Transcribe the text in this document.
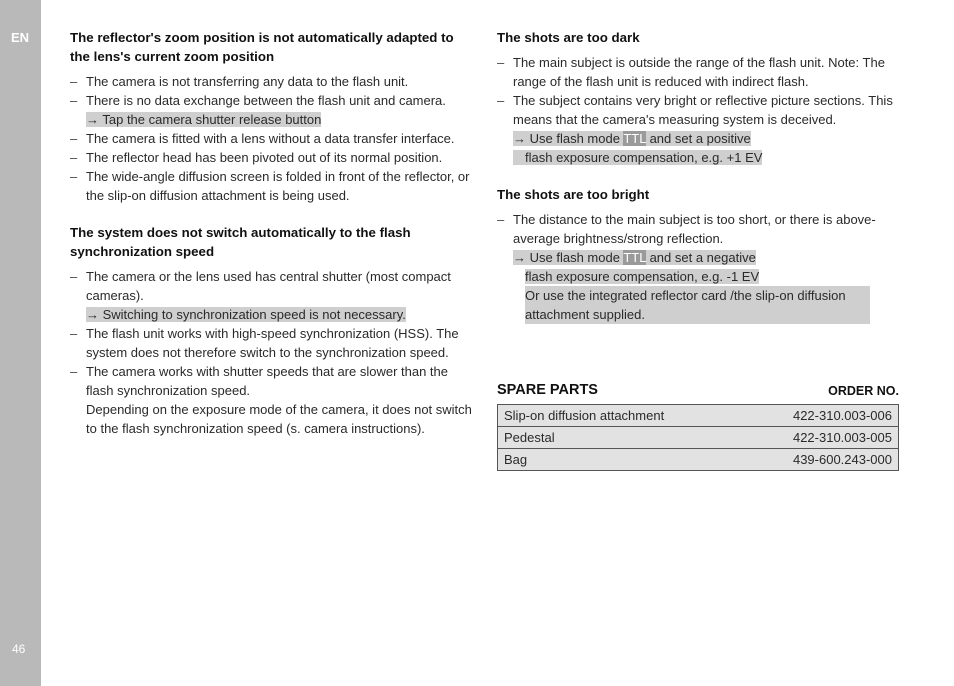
EN
46
The reflector's zoom position is not automatically adapted to the lens's current zoom position
– The camera is not transferring any data to the flash unit.
– There is no data exchange between the flash unit and camera.
→ Tap the camera shutter release button
– The camera is fitted with a lens without a data transfer interface.
– The reflector head has been pivoted out of its normal position.
– The wide-angle diffusion screen is folded in front of the reflector, or the slip-on diffusion attachment is being used.
The system does not switch automatically to the flash synchronization speed
– The camera or the lens used has central shutter (most compact cameras).
→ Switching to synchronization speed is not necessary.
– The flash unit works with high-speed synchronization (HSS). The system does not therefore switch to the synchronization speed.
– The camera works with shutter speeds that are slower than the flash synchronization speed.
Depending on the exposure mode of the camera, it does not switch to the flash synchronization speed (s. camera instructions).
The shots are too dark
– The main subject is outside the range of the flash unit. Note: The range of the flash unit is reduced with indirect flash.
– The subject contains very bright or reflective picture sections. This means that the camera's measuring system is deceived.
→ Use flash mode TTL and set a positive
flash exposure compensation, e.g. +1 EV
The shots are too bright
– The distance to the main subject is too short, or there is above-average brightness/strong reflection.
→ Use flash mode TTL and set a negative
flash exposure compensation, e.g. -1 EV
Or use the integrated reflector card /the slip-on diffusion attachment supplied.
SPARE PARTS	ORDER NO.
Slip-on diffusion attachment	422-310.003-006
Pedestal	422-310.003-005
Bag	439-600.243-000
